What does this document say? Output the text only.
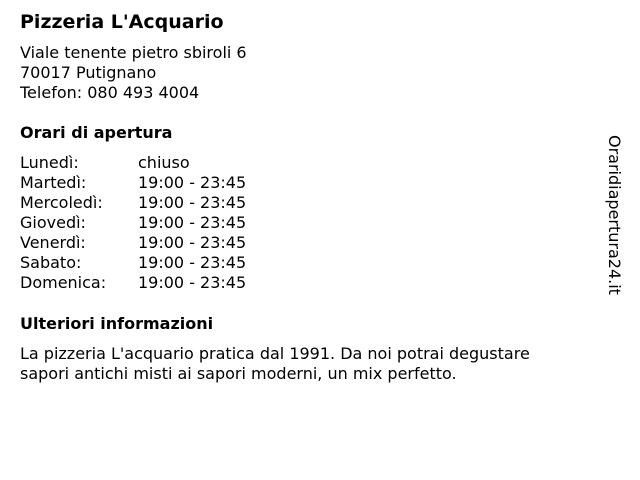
Pizzeria L'Acquario
Viale tenente pietro sbiroli 6
70017 Putignano
Telefon: 080 493 4004
Orari di apertura
Lunedì:	chiuso
Martedì:	19:00 - 23:45
Mercoledì:	19:00 - 23:45
Giovedì:	19:00 - 23:45
Venerdì:	19:00 - 23:45
Sabato:	19:00 - 23:45
Domenica:	19:00 - 23:45
Ulteriori informazioni

La pizzeria L'acquario pratica dal 1991. Da noi potrai degustare sapori antichi misti ai sapori moderni, un mix perfetto.

Oraridiapertura24.it
